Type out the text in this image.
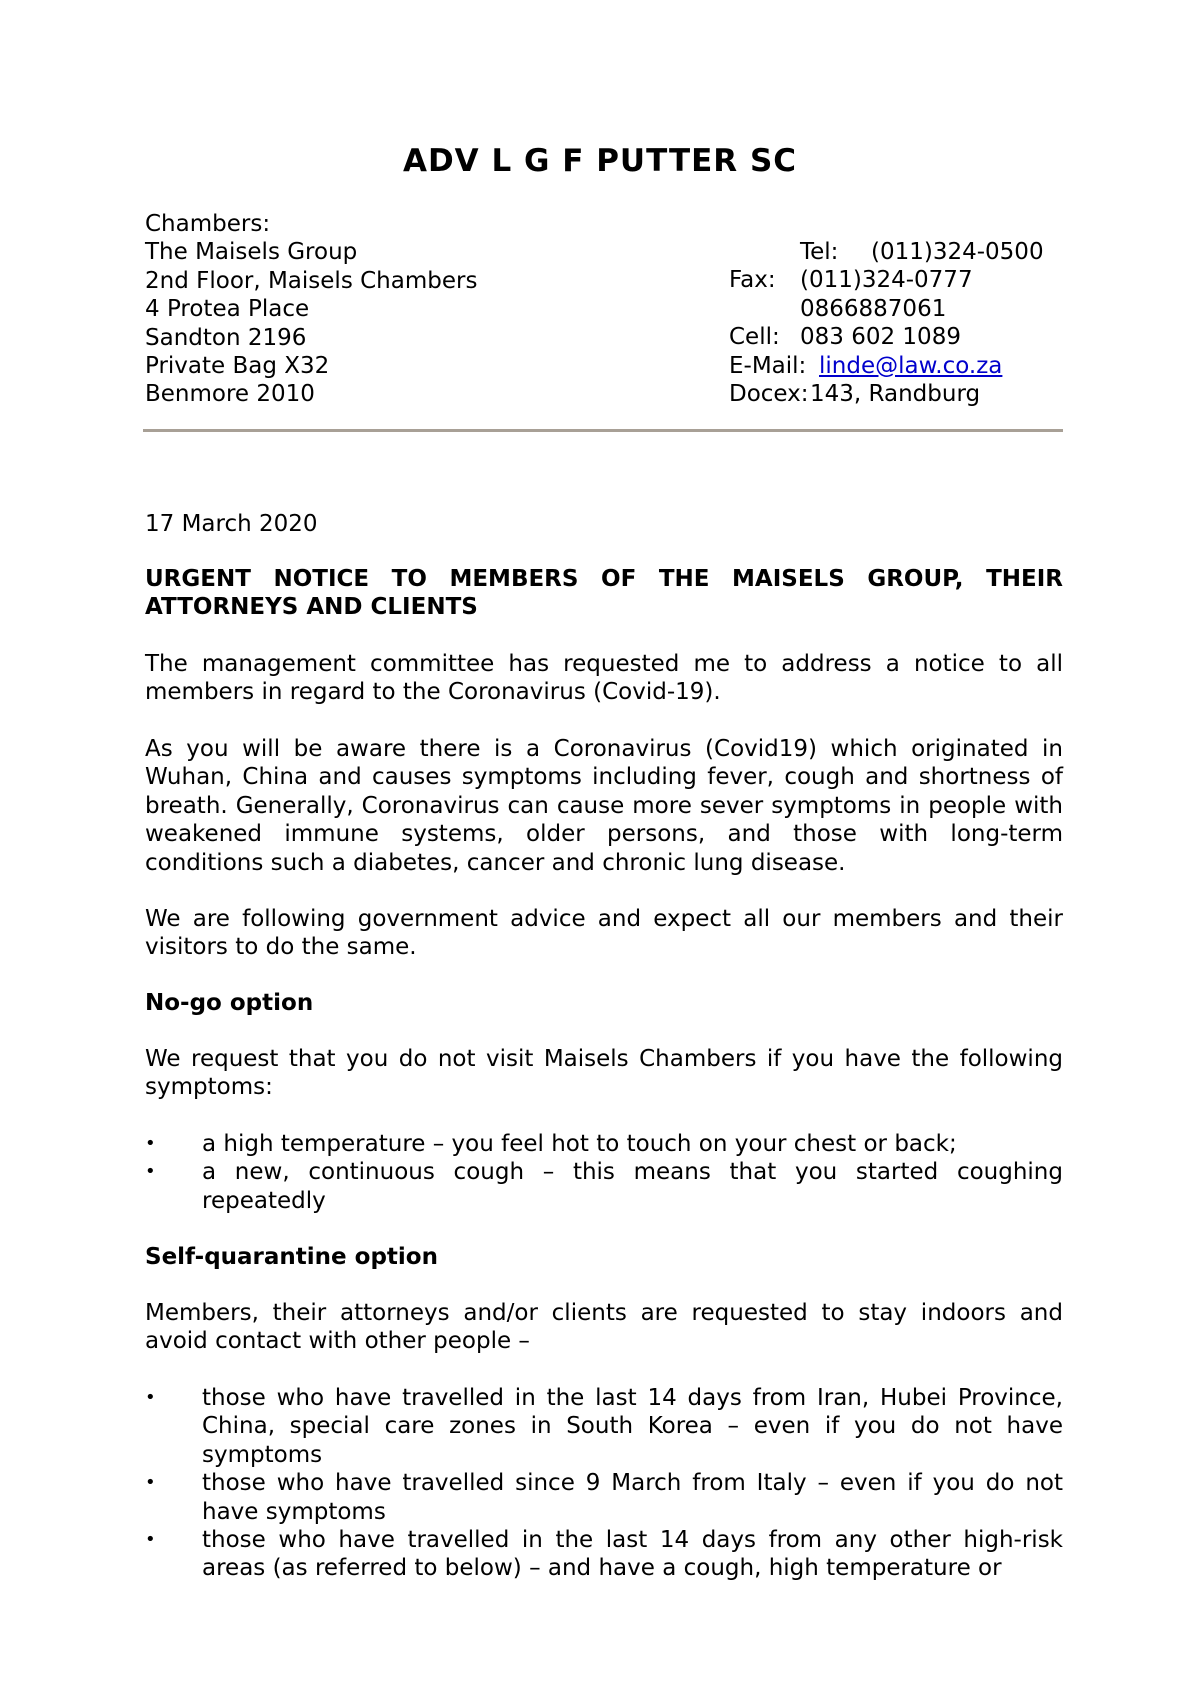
ADV L G F PUTTER SC
Chambers:
The Maisels Group
2nd Floor, Maisels Chambers
4 Protea Place
Sandton 2196
Private Bag X32
Benmore 2010
Tel:	(011)324-0500
Fax:	(011)324-0777
0866887061
Cell: 083 602 1089
E-Mail: linde@law.co.za
Docex: 143, Randburg
17 March 2020
URGENT NOTICE TO MEMBERS OF THE MAISELS GROUP, THEIR ATTORNEYS AND CLIENTS
The management committee has requested me to address a notice to all members in regard to the Coronavirus (Covid-19).
As you will be aware there is a Coronavirus (Covid19) which originated in Wuhan, China and causes symptoms including fever, cough and shortness of breath. Generally, Coronavirus can cause more sever symptoms in people with weakened immune systems, older persons, and those with long-term conditions such a diabetes, cancer and chronic lung disease.
We are following government advice and expect all our members and their visitors to do the same.
No-go option
We request that you do not visit Maisels Chambers if you have the following symptoms:
•	a high temperature – you feel hot to touch on your chest or back;
•	a new, continuous cough – this means that you started coughing repeatedly
Self-quarantine option
Members, their attorneys and/or clients are requested to stay indoors and avoid contact with other people –
•	those who have travelled in the last 14 days from Iran, Hubei Province, China, special care zones in South Korea – even if you do not have symptoms
•	those who have travelled since 9 March from Italy – even if you do not have symptoms
•	those who have travelled in the last 14 days from any other high-risk areas (as referred to below) – and have a cough, high temperature or
